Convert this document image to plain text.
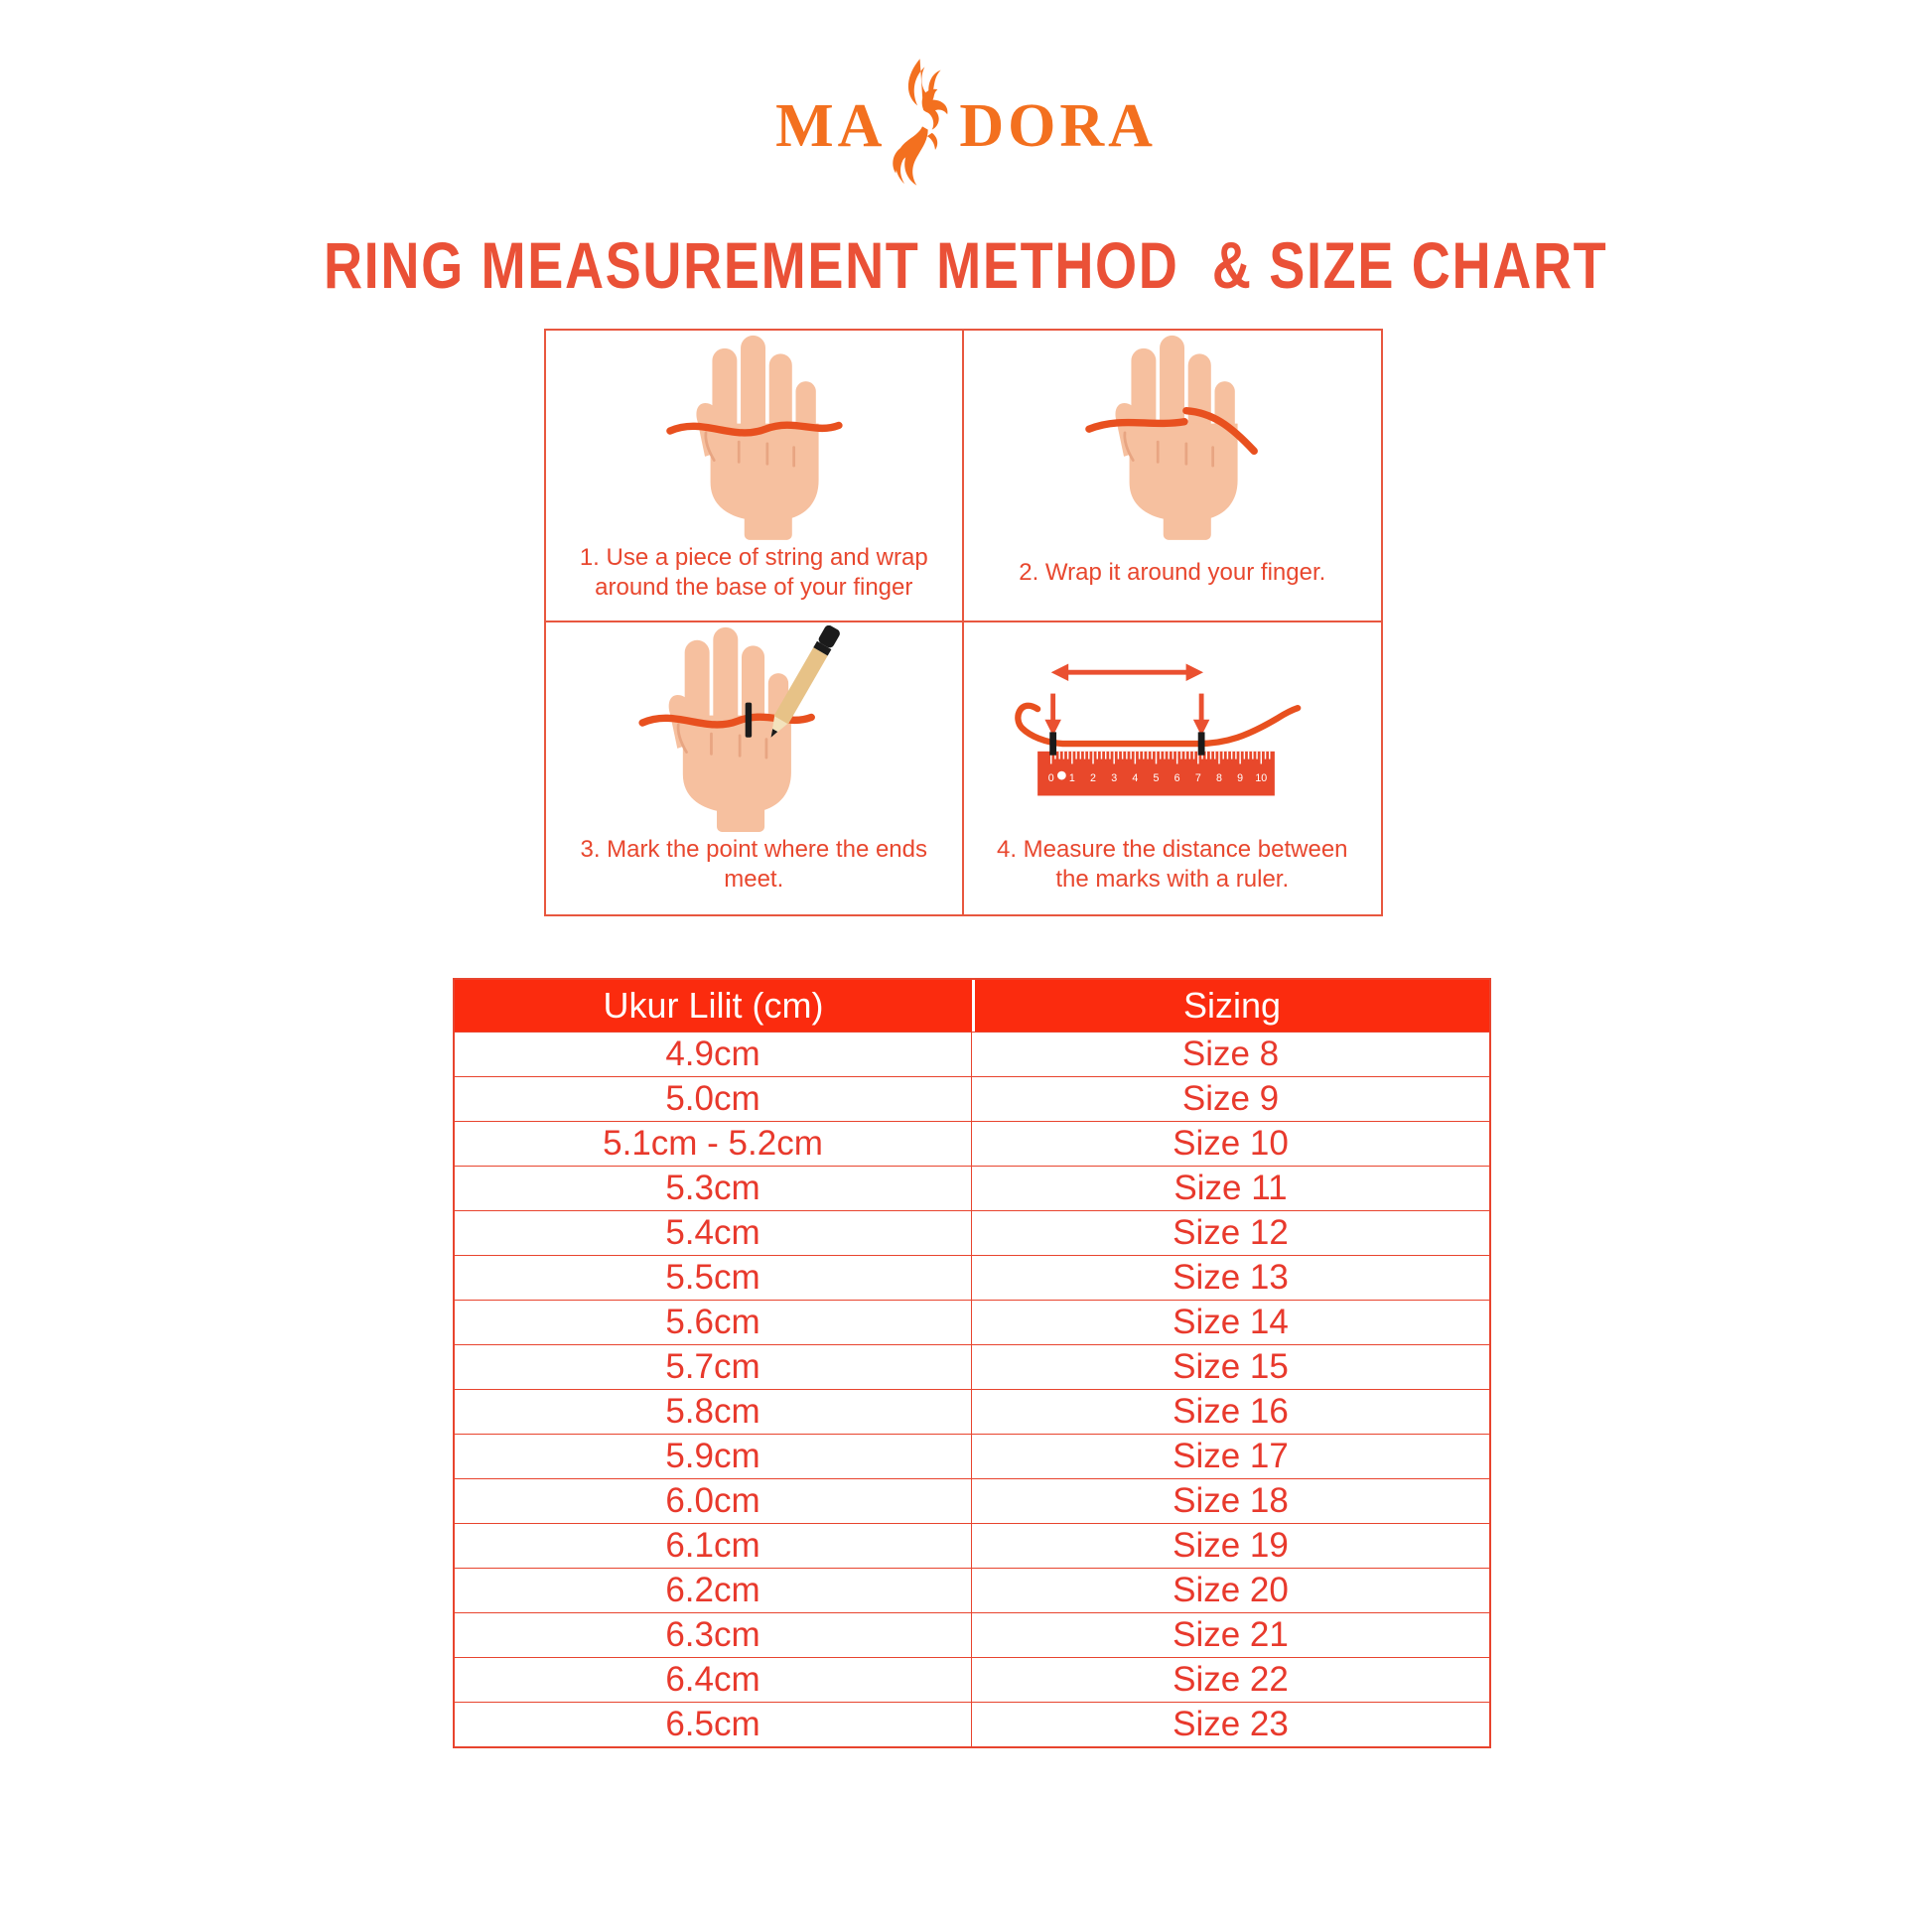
MA DORA
RING MEASUREMENT METHOD  & SIZE CHART
1. Use a piece of string and wrap around the base of your finger
2. Wrap it around your finger.
3. Mark the point where the ends meet.
0 1 2 3 4 5 6 7 8 9 10
4. Measure the distance between the marks with a ruler.
Ukur Lilit (cm)	Sizing
4.9cm	Size 8
5.0cm	Size 9
5.1cm - 5.2cm	Size 10
5.3cm	Size 11
5.4cm	Size 12
5.5cm	Size 13
5.6cm	Size 14
5.7cm	Size 15
5.8cm	Size 16
5.9cm	Size 17
6.0cm	Size 18
6.1cm	Size 19
6.2cm	Size 20
6.3cm	Size 21
6.4cm	Size 22
6.5cm	Size 23
